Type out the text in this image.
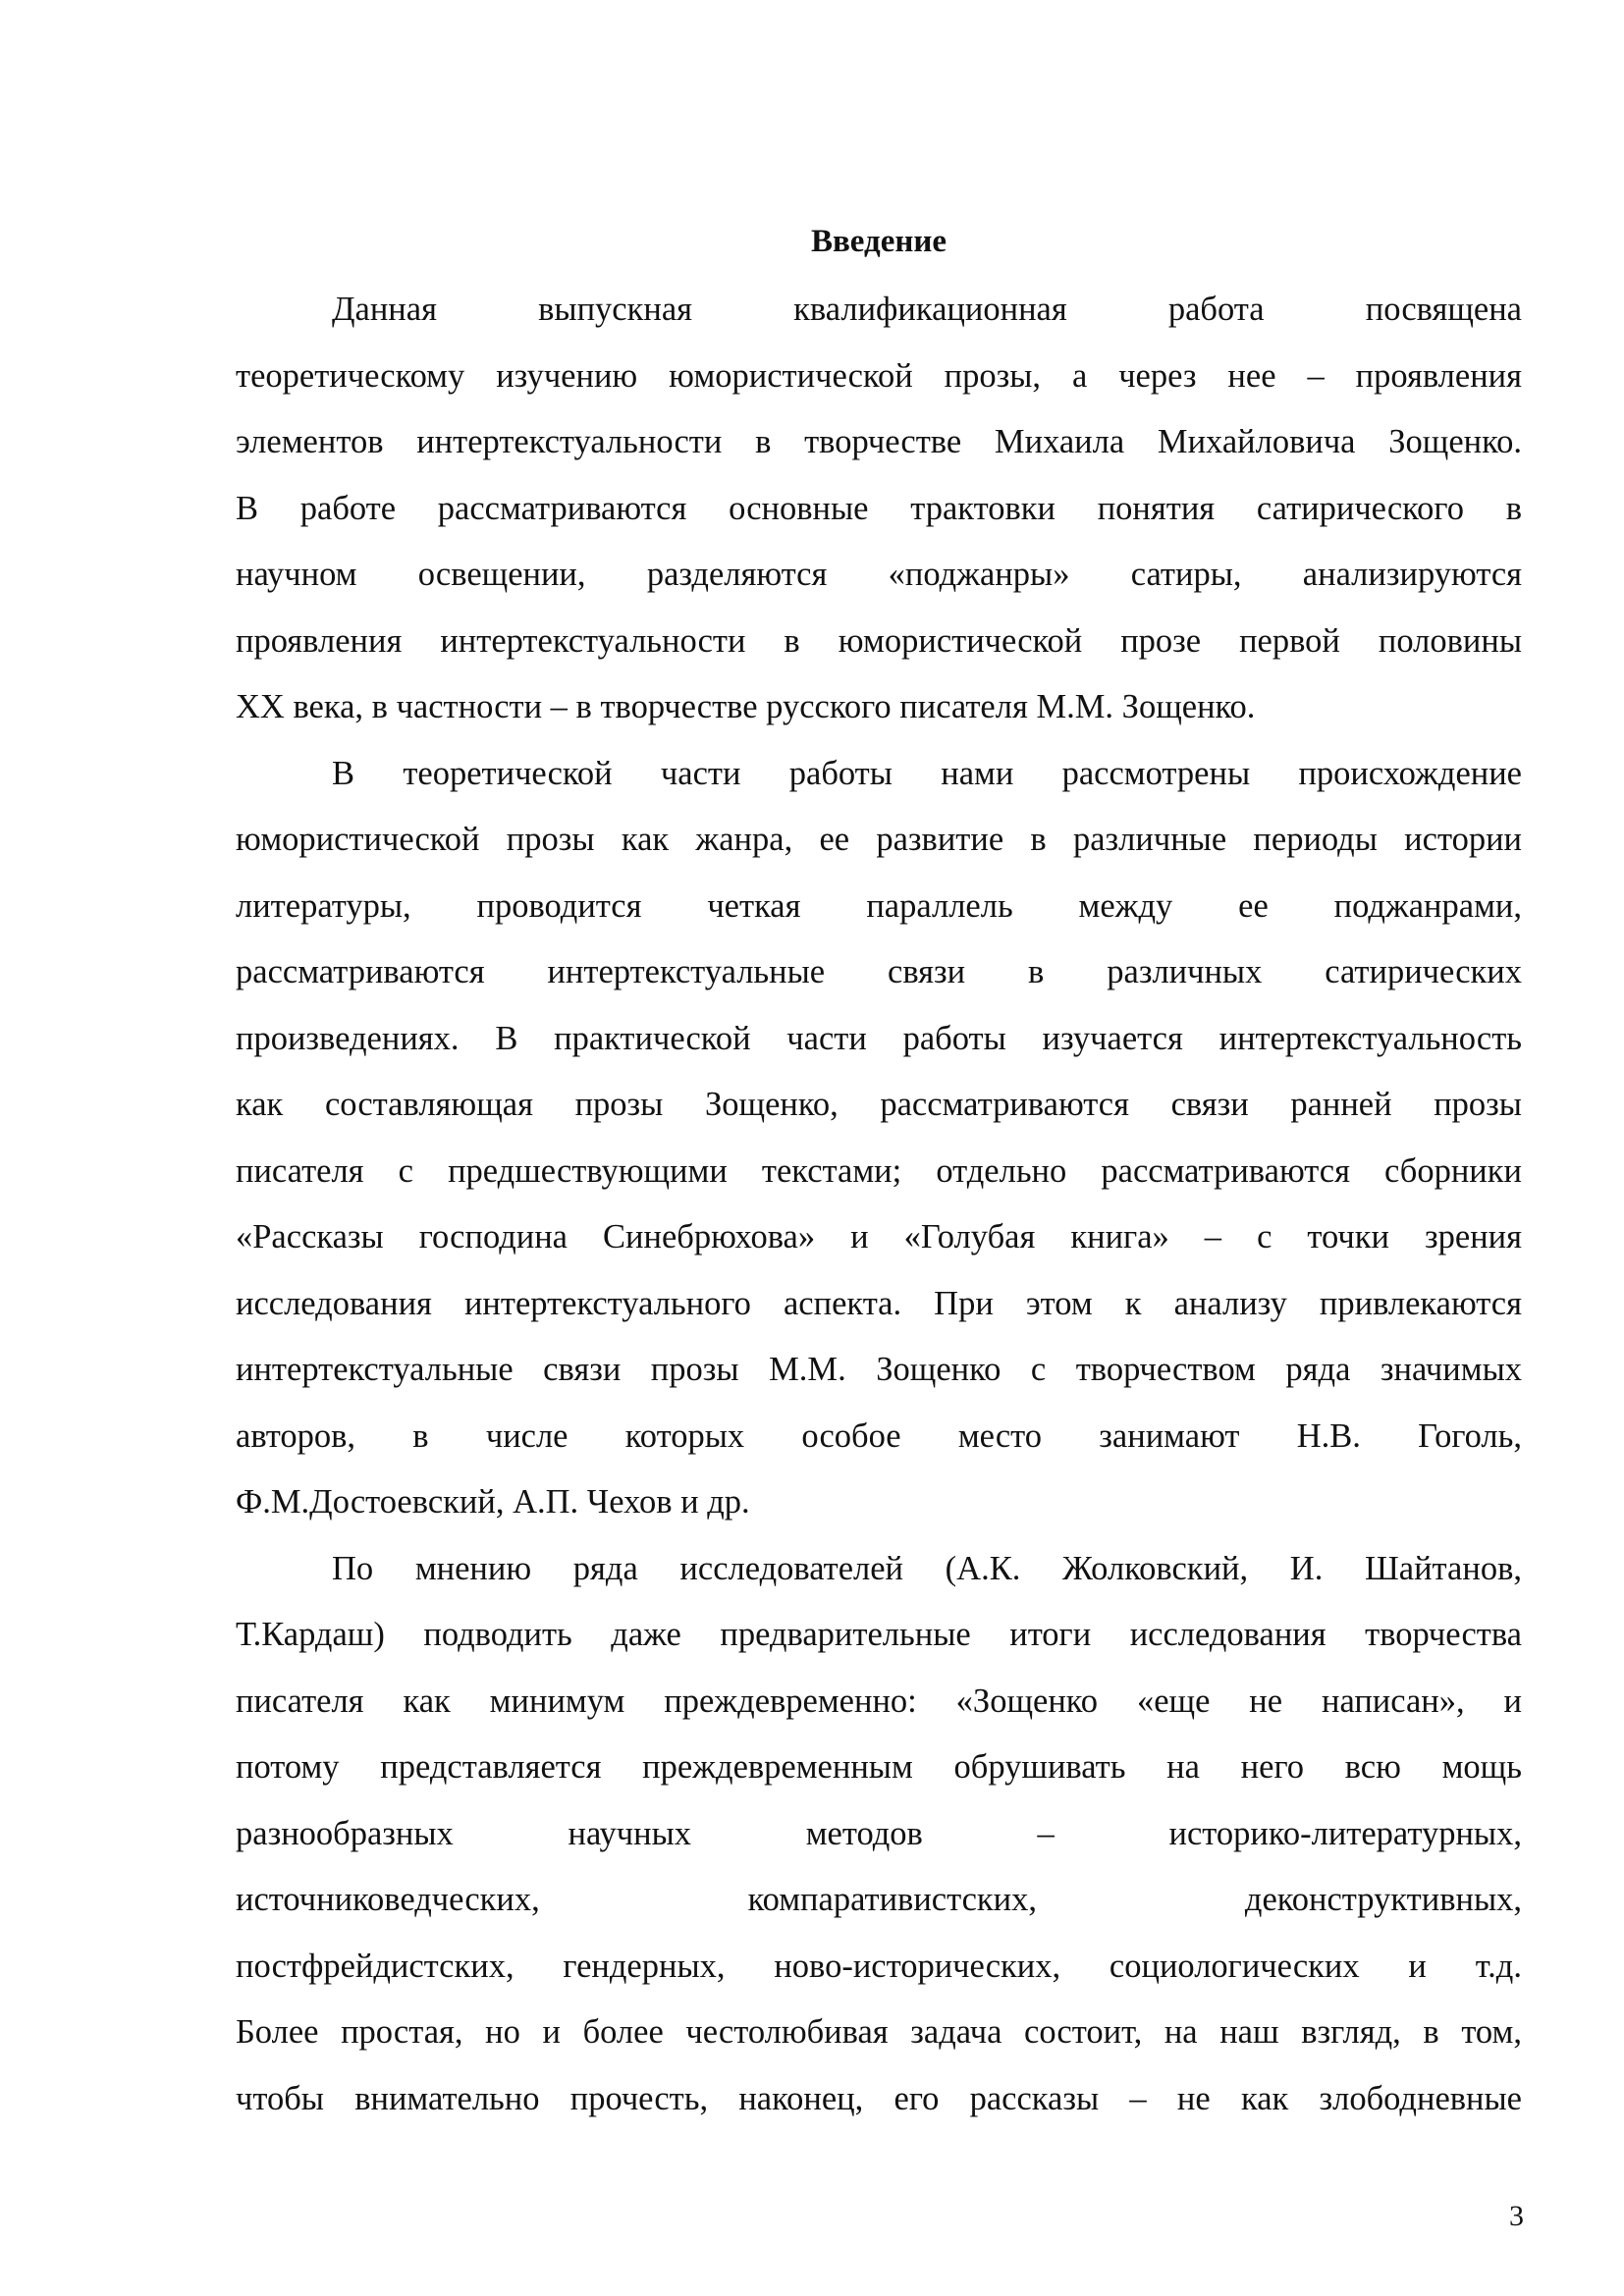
Введение
Данная выпускная квалификационная работа посвящена
теоретическому изучению юмористической прозы, а через нее – проявления
элементов интертекстуальности в творчестве Михаила Михайловича Зощенко.
В работе рассматриваются основные трактовки понятия сатирического в
научном освещении, разделяются «поджанры» сатиры, анализируются
проявления интертекстуальности в юмористической прозе первой половины
XX века, в частности – в творчестве русского писателя М.М. Зощенко.
В теоретической части работы нами рассмотрены происхождение
юмористической прозы как жанра, ее развитие в различные периоды истории
литературы, проводится четкая параллель между ее поджанрами,
рассматриваются интертекстуальные связи в различных сатирических
произведениях. В практической части работы изучается интертекстуальность
как составляющая прозы Зощенко, рассматриваются связи ранней прозы
писателя с предшествующими текстами; отдельно рассматриваются сборники
«Рассказы господина Синебрюхова» и «Голубая книга» – с точки зрения
исследования интертекстуального аспекта. При этом к анализу привлекаются
интертекстуальные связи прозы М.М. Зощенко с творчеством ряда значимых
авторов, в числе которых особое место занимают Н.В. Гоголь,
Ф.М.Достоевский, А.П. Чехов и др.
По мнению ряда исследователей (А.К. Жолковский, И. Шайтанов,
Т.Кардаш) подводить даже предварительные итоги исследования творчества
писателя как минимум преждевременно: «Зощенко «еще не написан», и
потому представляется преждевременным обрушивать на него всю мощь
разнообразных научных методов – историко-литературных,
источниковедческих, компаративистских, деконструктивных,
постфрейдистских, гендерных, ново-исторических, социологических и т.д.
Более простая, но и более честолюбивая задача состоит, на наш взгляд, в том,
чтобы внимательно прочесть, наконец, его рассказы – не как злободневные
3
